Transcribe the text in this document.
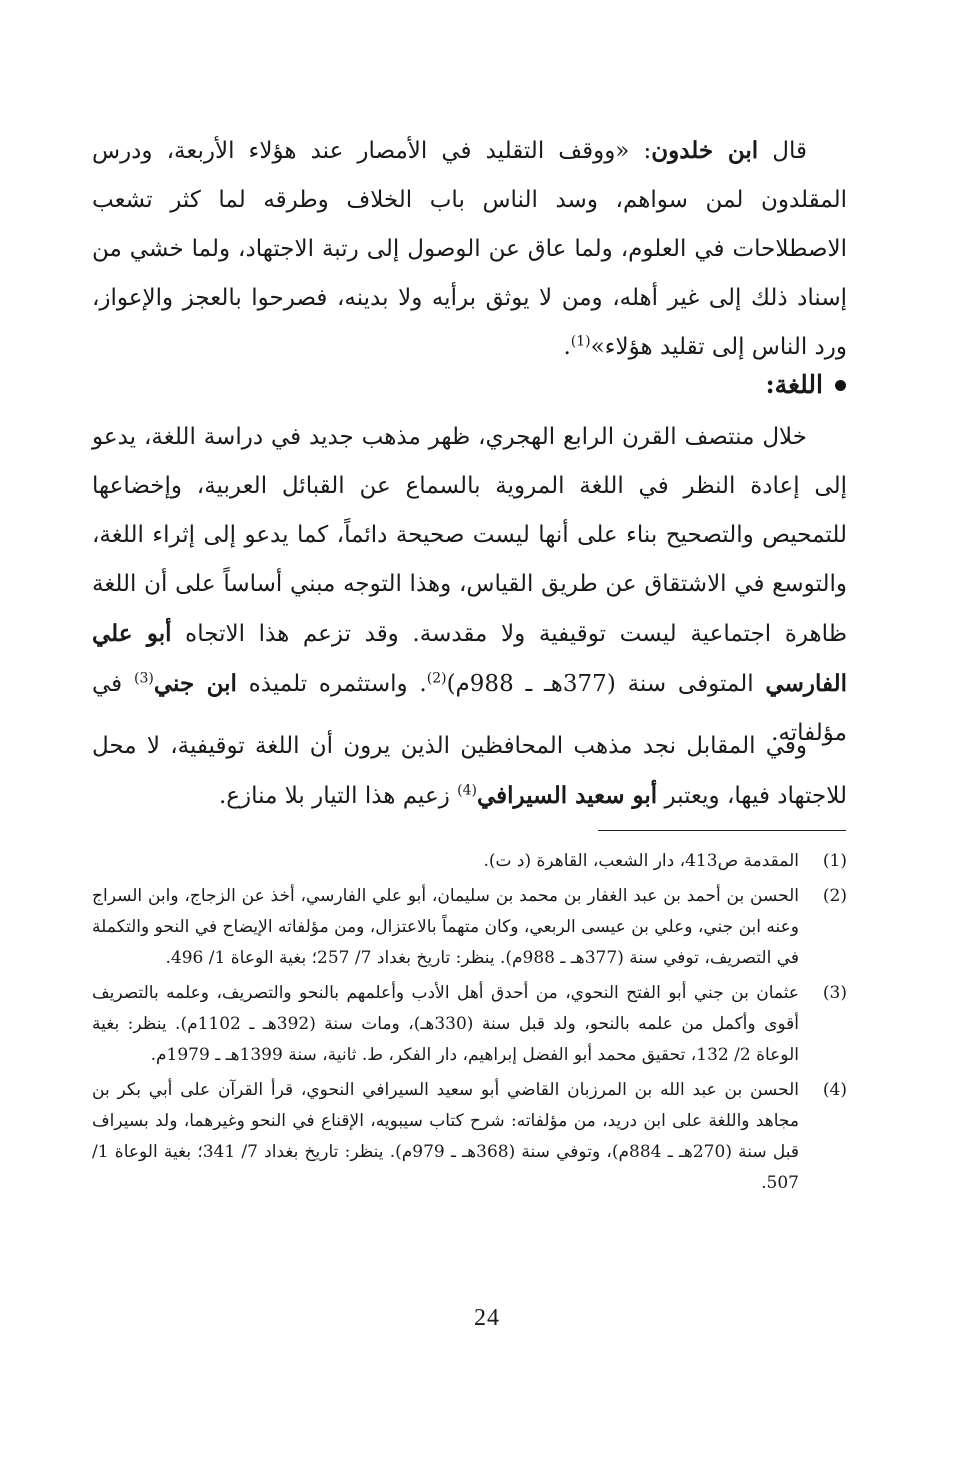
قال ابن خلدون: «ووقف التقليد في الأمصار عند هؤلاء الأربعة، ودرس المقلدون لمن سواهم، وسد الناس باب الخلاف وطرقه لما كثر تشعب الاصطلاحات في العلوم، ولما عاق عن الوصول إلى رتبة الاجتهاد، ولما خشي من إسناد ذلك إلى غير أهله، ومن لا يوثق برأيه ولا بدينه، فصرحوا بالعجز والإعواز، ورد الناس إلى تقليد هؤلاء»$^{(1)}$.

اللغة:

خلال منتصف القرن الرابع الهجري، ظهر مذهب جديد في دراسة اللغة، يدعو إلى إعادة النظر في اللغة المروية بالسماع عن القبائل العربية، وإخضاعها للتمحيص والتصحيح بناء على أنها ليست صحيحة دائماً، كما يدعو إلى إثراء اللغة، والتوسع في الاشتقاق عن طريق القياس، وهذا التوجه مبني أساساً على أن اللغة ظاهرة اجتماعية ليست توقيفية ولا مقدسة. وقد تزعم هذا الاتجاه أبو علي الفارسي المتوفى سنة (377هـ ـ 988م)$^{(2)}$. واستثمره تلميذه ابن جني$^{(3)}$ في مؤلفاته.

وفي المقابل نجد مذهب المحافظين الذين يرون أن اللغة توقيفية، لا محل للاجتهاد فيها، ويعتبر أبو سعيد السيرافي$^{(4)}$ زعيم هذا التيار بلا منازع.

(1)
المقدمة ص413، دار الشعب، القاهرة (د ت).
(2)
الحسن بن أحمد بن عبد الغفار بن محمد بن سليمان، أبو علي الفارسي، أخذ عن الزجاج، وابن السراج وعنه ابن جني، وعلي بن عيسى الربعي، وكان متهماً بالاعتزال، ومن مؤلفاته الإيضاح في النحو والتكملة في التصريف، توفي سنة (377هـ ـ 988م). ينظر: تاريخ بغداد 7/ 257؛ بغية الوعاة 1/ 496.
(3)
عثمان بن جني أبو الفتح النحوي، من أحدق أهل الأدب وأعلمهم بالنحو والتصريف، وعلمه بالتصريف أقوى وأكمل من علمه بالنحو، ولد قبل سنة (330هـ)، ومات سنة (392هـ ـ 1102م). ينظر: بغية الوعاة 2/ 132، تحقيق محمد أبو الفضل إبراهيم، دار الفكر، ط. ثانية، سنة 1399هـ ـ 1979م.
(4)
الحسن بن عبد الله بن المرزبان القاضي أبو سعيد السيرافي النحوي، قرأ القرآن على أبي بكر بن مجاهد واللغة على ابن دريد، من مؤلفاته: شرح كتاب سيبويه، الإقناع في النحو وغيرهما، ولد بسيراف قبل سنة (270هـ ـ 884م)، وتوفي سنة (368هـ ـ 979م). ينظر: تاريخ بغداد 7/ 341؛ بغية الوعاة 1/ 507.
24
